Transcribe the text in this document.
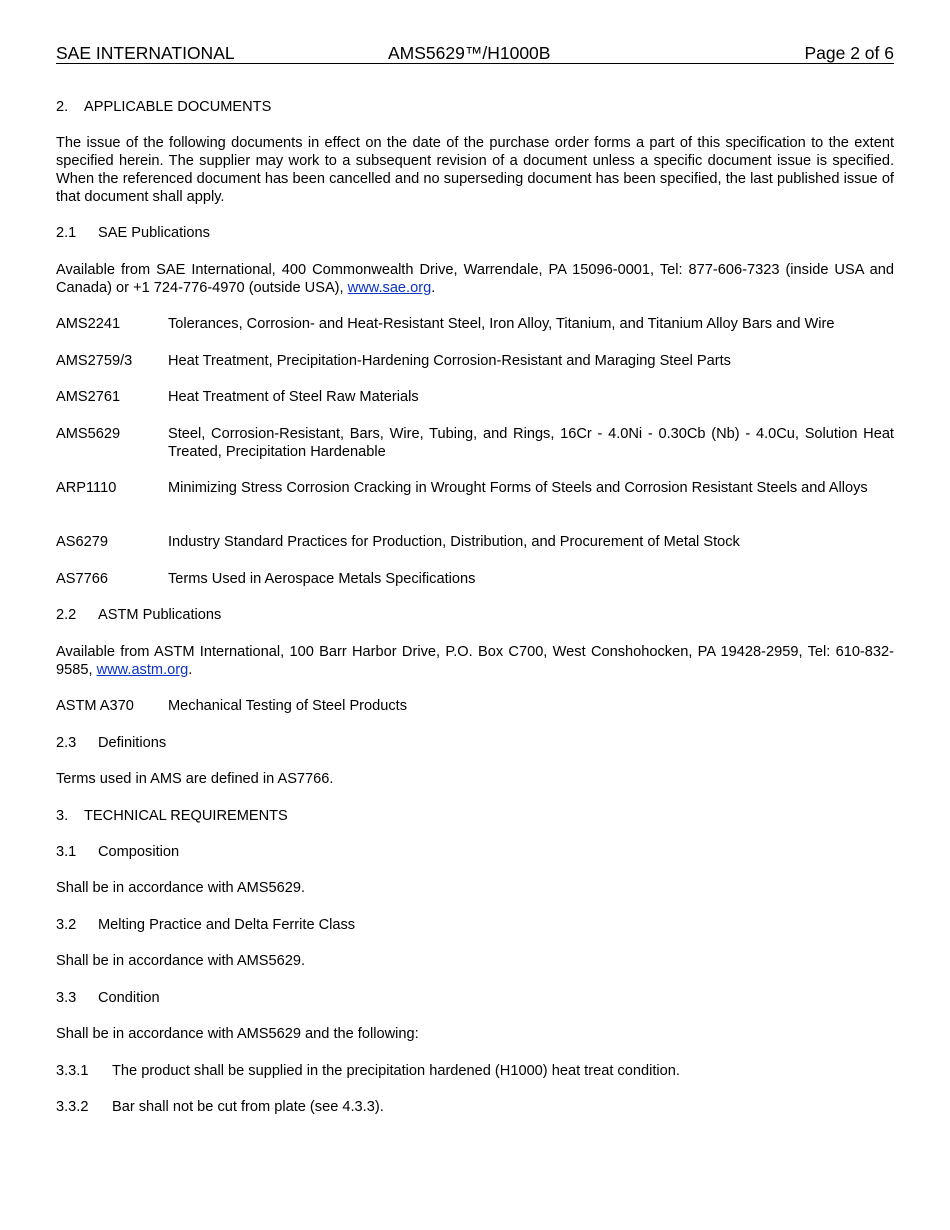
SAE INTERNATIONAL	AMS5629™/H1000B	Page 2 of 6
2. APPLICABLE DOCUMENTS
The issue of the following documents in effect on the date of the purchase order forms a part of this specification to the extent specified herein. The supplier may work to a subsequent revision of a document unless a specific document issue is specified. When the referenced document has been cancelled and no superseding document has been specified, the last published issue of that document shall apply.
2.1 SAE Publications
Available from SAE International, 400 Commonwealth Drive, Warrendale, PA 15096-0001, Tel: 877-606-7323 (inside USA and Canada) or +1 724-776-4970 (outside USA), www.sae.org.
AMS2241	Tolerances, Corrosion- and Heat-Resistant Steel, Iron Alloy, Titanium, and Titanium Alloy Bars and Wire
AMS2759/3	Heat Treatment, Precipitation-Hardening Corrosion-Resistant and Maraging Steel Parts
AMS2761	Heat Treatment of Steel Raw Materials
AMS5629	Steel, Corrosion-Resistant, Bars, Wire, Tubing, and Rings, 16Cr - 4.0Ni - 0.30Cb (Nb) - 4.0Cu, Solution Heat Treated, Precipitation Hardenable
ARP1110	Minimizing Stress Corrosion Cracking in Wrought Forms of Steels and Corrosion Resistant Steels and Alloys
AS6279	Industry Standard Practices for Production, Distribution, and Procurement of Metal Stock
AS7766	Terms Used in Aerospace Metals Specifications
2.2 ASTM Publications
Available from ASTM International, 100 Barr Harbor Drive, P.O. Box C700, West Conshohocken, PA 19428-2959, Tel: 610-832-9585, www.astm.org.
ASTM A370	Mechanical Testing of Steel Products
2.3 Definitions
Terms used in AMS are defined in AS7766.
3. TECHNICAL REQUIREMENTS
3.1 Composition
Shall be in accordance with AMS5629.
3.2 Melting Practice and Delta Ferrite Class
Shall be in accordance with AMS5629.
3.3 Condition
Shall be in accordance with AMS5629 and the following:
3.3.1 The product shall be supplied in the precipitation hardened (H1000) heat treat condition.
3.3.2 Bar shall not be cut from plate (see 4.3.3).
